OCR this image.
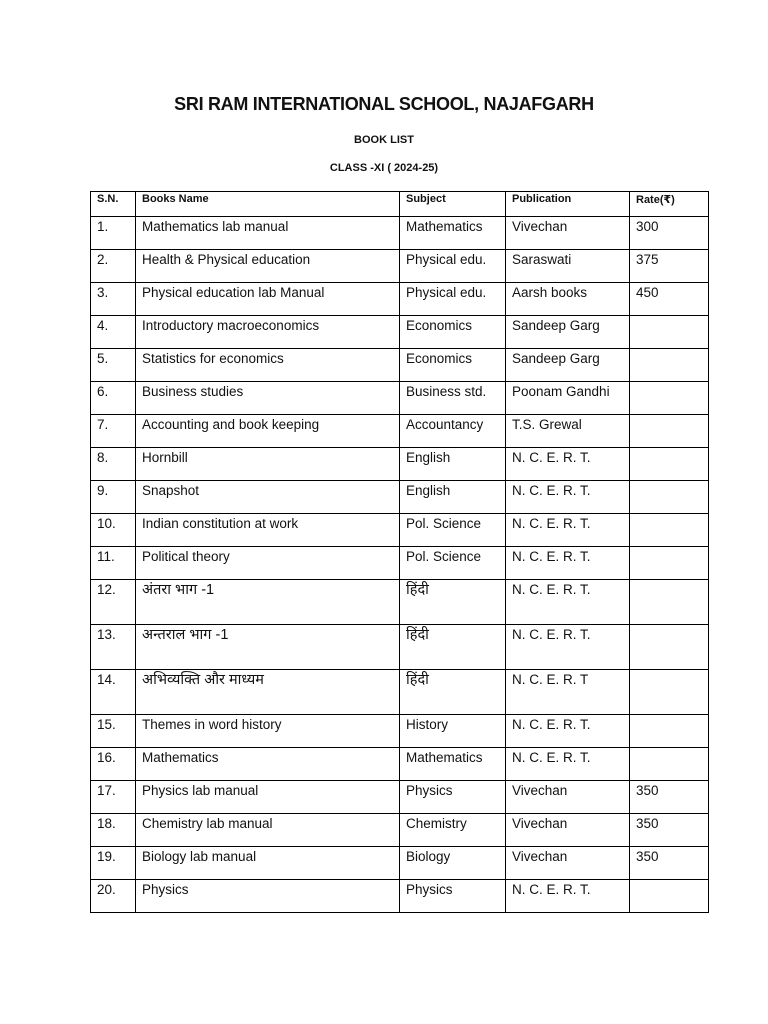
SRI RAM INTERNATIONAL SCHOOL, NAJAFGARH
BOOK LIST
CLASS -XI ( 2024-25)
S.N.	Books Name	Subject	Publication	Rate(₹)
1.	Mathematics lab manual	Mathematics	Vivechan	300
2.	Health & Physical education	Physical edu.	Saraswati	375
3.	Physical education lab Manual	Physical edu.	Aarsh books	450
4.	Introductory macroeconomics	Economics	Sandeep Garg	
5.	Statistics for economics	Economics	Sandeep Garg	
6.	Business studies	Business std.	Poonam Gandhi	
7.	Accounting and book keeping	Accountancy	T.S. Grewal	
8.	Hornbill	English	N. C. E. R. T.	
9.	Snapshot	English	N. C. E. R. T.	
10.	Indian constitution at work	Pol. Science	N. C. E. R. T.	
11.	Political theory	Pol. Science	N. C. E. R. T.	
12.	अंतरा भाग -1	हिंदी	N. C. E. R. T.	
13.	अन्तराल भाग -1	हिंदी	N. C. E. R. T.	
14.	अभिव्यक्ति और माध्यम	हिंदी	N. C. E. R. T	
15.	Themes in word history	History	N. C. E. R. T.	
16.	Mathematics	Mathematics	N. C. E. R. T.	
17.	Physics lab manual	Physics	Vivechan	350
18.	Chemistry lab manual	Chemistry	Vivechan	350
19.	Biology lab manual	Biology	Vivechan	350
20.	Physics	Physics	N. C. E. R. T.	
